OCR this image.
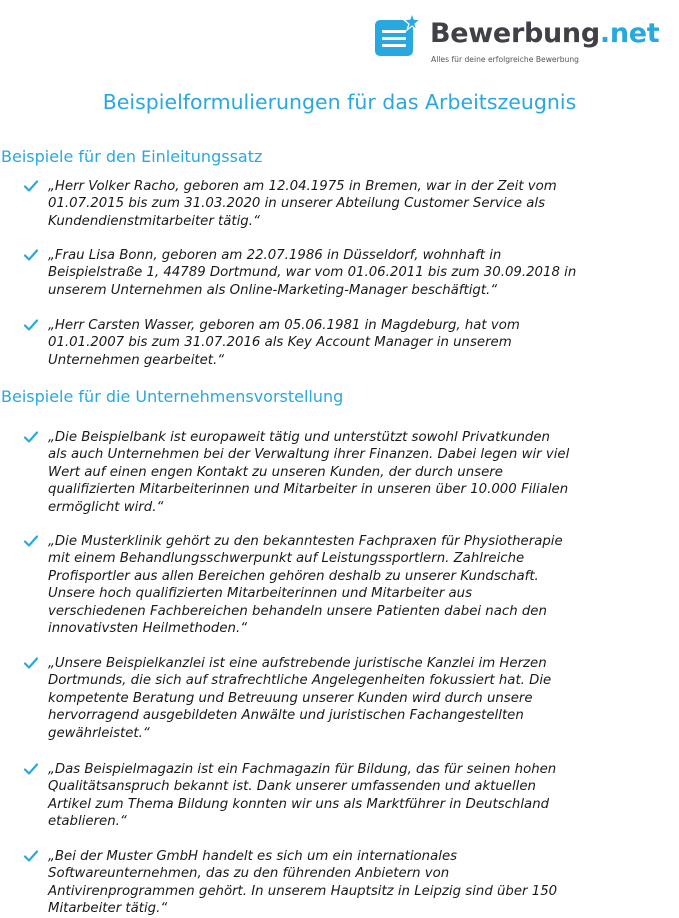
Bewerbung.net
Alles für deine erfolgreiche Bewerbung
Beispielformulierungen für das Arbeitszeugnis
Beispiele für den Einleitungssatz

„Herr Volker Racho, geboren am 12.04.1975 in Bremen, war in der Zeit vom
01.07.2015 bis zum 31.03.2020 in unserer Abteilung Customer Service als
Kundendienstmitarbeiter tätig.“

„Frau Lisa Bonn, geboren am 22.07.1986 in Düsseldorf, wohnhaft in
Beispielstraße 1, 44789 Dortmund, war vom 01.06.2011 bis zum 30.09.2018 in
unserem Unternehmen als Online-Marketing-Manager beschäftigt.“

„Herr Carsten Wasser, geboren am 05.06.1981 in Magdeburg, hat vom
01.01.2007 bis zum 31.07.2016 als Key Account Manager in unserem
Unternehmen gearbeitet.“

Beispiele für die Unternehmensvorstellung

„Die Beispielbank ist europaweit tätig und unterstützt sowohl Privatkunden
als auch Unternehmen bei der Verwaltung ihrer Finanzen. Dabei legen wir viel
Wert auf einen engen Kontakt zu unseren Kunden, der durch unsere
qualifizierten Mitarbeiterinnen und Mitarbeiter in unseren über 10.000 Filialen
ermöglicht wird.“

„Die Musterklinik gehört zu den bekanntesten Fachpraxen für Physiotherapie
mit einem Behandlungsschwerpunkt auf Leistungssportlern. Zahlreiche
Profisportler aus allen Bereichen gehören deshalb zu unserer Kundschaft.
Unsere hoch qualifizierten Mitarbeiterinnen und Mitarbeiter aus
verschiedenen Fachbereichen behandeln unsere Patienten dabei nach den
innovativsten Heilmethoden.“

„Unsere Beispielkanzlei ist eine aufstrebende juristische Kanzlei im Herzen
Dortmunds, die sich auf strafrechtliche Angelegenheiten fokussiert hat. Die
kompetente Beratung und Betreuung unserer Kunden wird durch unsere
hervorragend ausgebildeten Anwälte und juristischen Fachangestellten
gewährleistet.“

„Das Beispielmagazin ist ein Fachmagazin für Bildung, das für seinen hohen
Qualitätsanspruch bekannt ist. Dank unserer umfassenden und aktuellen
Artikel zum Thema Bildung konnten wir uns als Marktführer in Deutschland
etablieren.“

„Bei der Muster GmbH handelt es sich um ein internationales
Softwareunternehmen, das zu den führenden Anbietern von
Antivirenprogrammen gehört. In unserem Hauptsitz in Leipzig sind über 150
Mitarbeiter tätig.“
